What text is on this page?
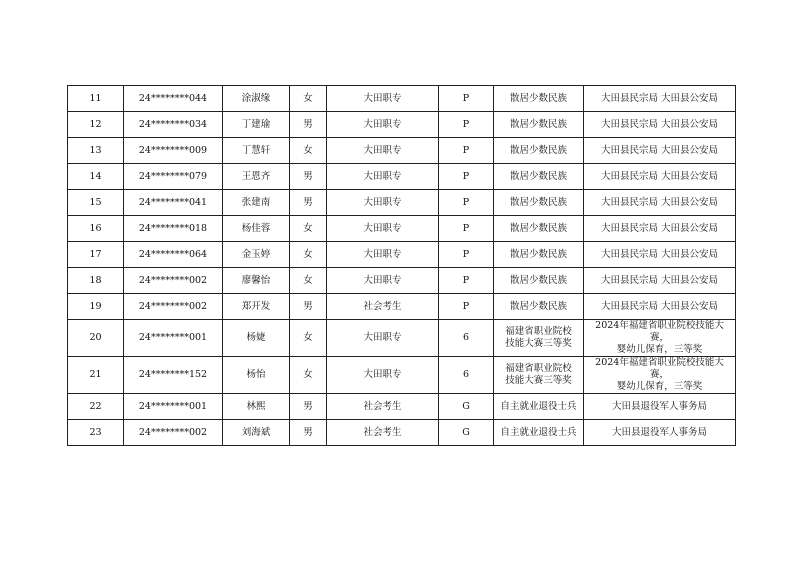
11	24********044	涂淑缘	女	大田职专	P	散居少数民族	大田县民宗局 大田县公安局
12	24********034	丁建瑜	男	大田职专	P	散居少数民族	大田县民宗局 大田县公安局
13	24********009	丁慧轩	女	大田职专	P	散居少数民族	大田县民宗局 大田县公安局
14	24********079	王恩齐	男	大田职专	P	散居少数民族	大田县民宗局 大田县公安局
15	24********041	张建南	男	大田职专	P	散居少数民族	大田县民宗局 大田县公安局
16	24********018	杨佳蓉	女	大田职专	P	散居少数民族	大田县民宗局 大田县公安局
17	24********064	金玉婷	女	大田职专	P	散居少数民族	大田县民宗局 大田县公安局
18	24********002	廖馨怡	女	大田职专	P	散居少数民族	大田县民宗局 大田县公安局
19	24********002	郑开发	男	社会考生	P	散居少数民族	大田县民宗局 大田县公安局
20	24********001	杨婕	女	大田职专	6	福建省职业院校
技能大赛三等奖	2024年福建省职业院校技能大赛，
婴幼儿保育，三等奖
21	24********152	杨怡	女	大田职专	6	福建省职业院校
技能大赛三等奖	2024年福建省职业院校技能大赛，
婴幼儿保育，三等奖
22	24********001	林熙	男	社会考生	G	自主就业退役士兵	大田县退役军人事务局
23	24********002	刘海斌	男	社会考生	G	自主就业退役士兵	大田县退役军人事务局
